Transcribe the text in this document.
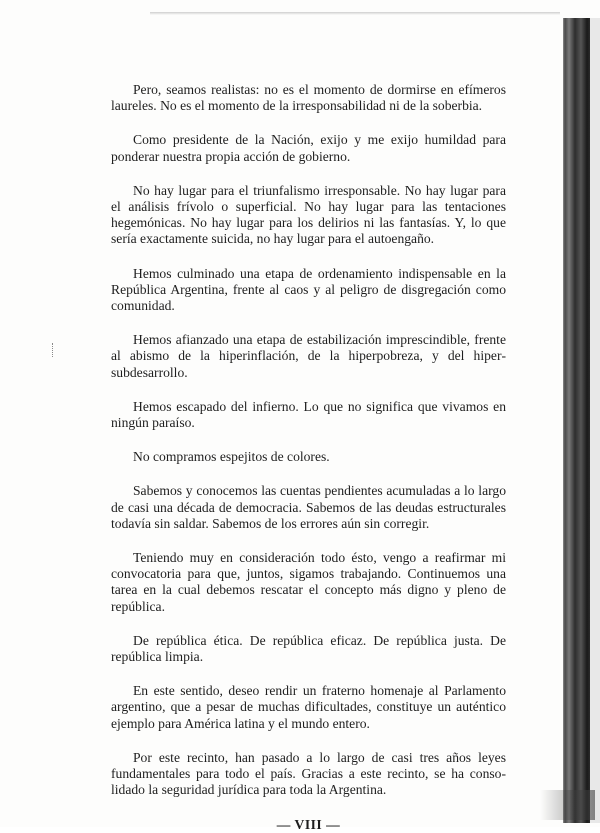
Pero, seamos realistas: no es el momento de dormirse en efímeros laureles. No es el momento de la irresponsabilidad ni de la soberbia.

Como presidente de la Nación, exijo y me exijo humildad para ponderar nuestra propia acción de gobierno.

No hay lugar para el triunfalismo irresponsable. No hay lugar para el análisis frívolo o superficial. No hay lugar para las tentaciones hegemónicas. No hay lugar para los delirios ni las fantasías. Y, lo que sería exactamente suicida, no hay lugar para el autoengaño.

Hemos culminado una etapa de ordenamiento indispensable en la República Argentina, frente al caos y al peligro de disgregación como comunidad.

Hemos afianzado una etapa de estabilización imprescindible, frente al abismo de la hiperinflación, de la hiperpobreza, y del hipersubdesarrollo.

Hemos escapado del infierno. Lo que no significa que vivamos en ningún paraíso.

No compramos espejitos de colores.

Sabemos y conocemos las cuentas pendientes acumuladas a lo largo de casi una década de democracia. Sabemos de las deudas estructurales todavía sin saldar. Sabemos de los errores aún sin corregir.

Teniendo muy en consideración todo ésto, vengo a reafirmar mi convocatoria para que, juntos, sigamos trabajando. Continuemos una tarea en la cual debemos rescatar el concepto más digno y pleno de república.

De república ética. De república eficaz. De república justa. De república limpia.

En este sentido, deseo rendir un fraterno homenaje al Parlamento argentino, que a pesar de muchas dificultades, constituye un auténtico ejemplo para América latina y el mundo entero.

Por este recinto, han pasado a lo largo de casi tres años leyes fundamentales para todo el país. Gracias a este recinto, se ha consolidado la seguridad jurídica para toda la Argentina.

— VIII —
